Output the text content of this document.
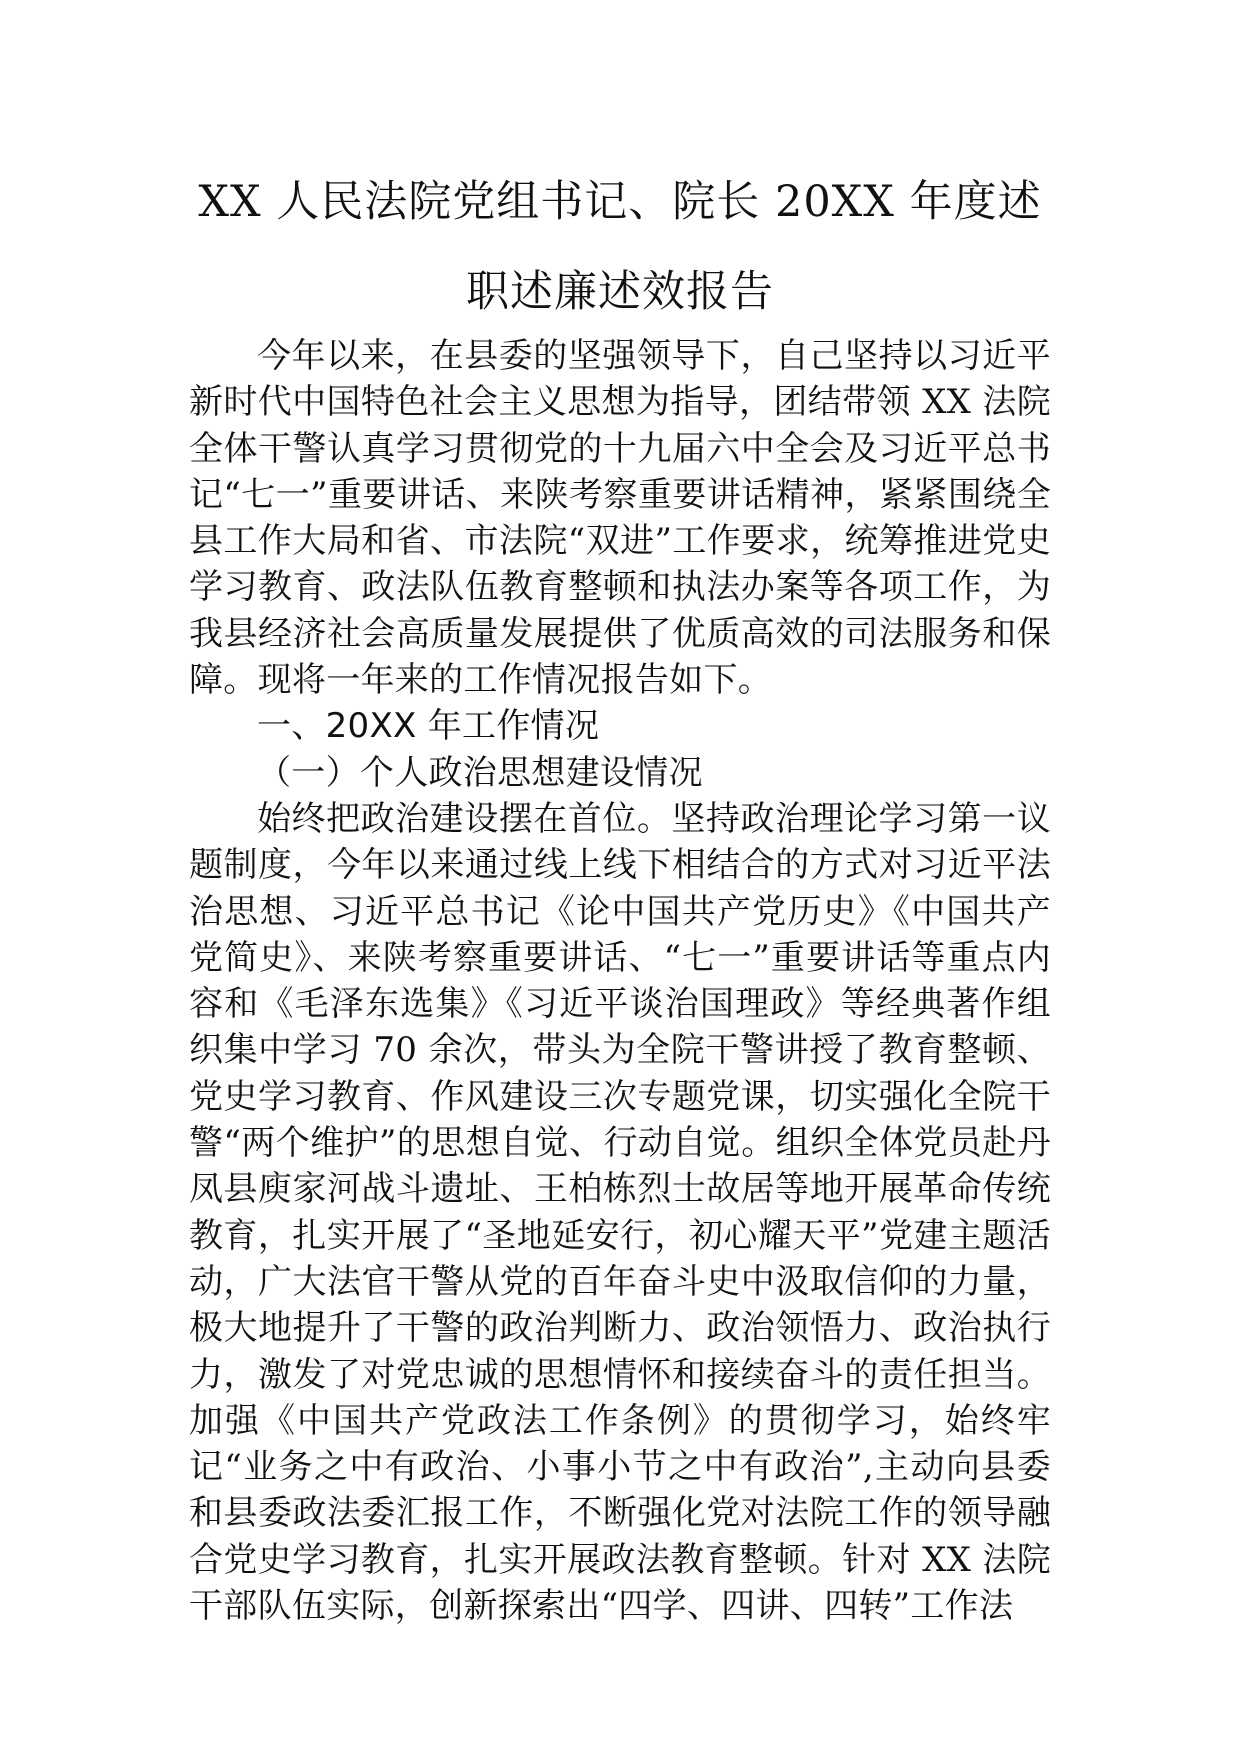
XX 人民法院党组书记、院长 20XX 年度述
职述廉述效报告

今年以来，在县委的坚强领导下，自己坚持以习近平新时代中国特色社会主义思想为指导，团结带领 XX 法院全体干警认真学习贯彻党的十九届六中全会及习近平总书记“七一”重要讲话、来陕考察重要讲话精神，紧紧围绕全县工作大局和省、市法院“双进”工作要求，统筹推进党史学习教育、政法队伍教育整顿和执法办案等各项工作，为我县经济社会高质量发展提供了优质高效的司法服务和保障。现将一年来的工作情况报告如下。

一、20XX 年工作情况

（一）个人政治思想建设情况

始终把政治建设摆在首位。坚持政治理论学习第一议题制度，今年以来通过线上线下相结合的方式对习近平法治思想、习近平总书记《论中国共产党历史》《中国共产党简史》、来陕考察重要讲话、“七一”重要讲话等重点内容和《毛泽东选集》《习近平谈治国理政》等经典著作组织集中学习 70 余次，带头为全院干警讲授了教育整顿、党史学习教育、作风建设三次专题党课，切实强化全院干警“两个维护”的思想自觉、行动自觉。组织全体党员赴丹凤县庾家河战斗遗址、王柏栋烈士故居等地开展革命传统教育，扎实开展了“圣地延安行，初心耀天平”党建主题活动，广大法官干警从党的百年奋斗史中汲取信仰的力量，极大地提升了干警的政治判断力、政治领悟力、政治执行力，激发了对党忠诚的思想情怀和接续奋斗的责任担当。加强《中国共产党政法工作条例》的贯彻学习，始终牢记“业务之中有政治、小事小节之中有政治”,主动向县委和县委政法委汇报工作，不断强化党对法院工作的领导融合党史学习教育，扎实开展政法教育整顿。针对 XX 法院干部队伍实际，创新探索出“四学、四讲、四转”工作法
